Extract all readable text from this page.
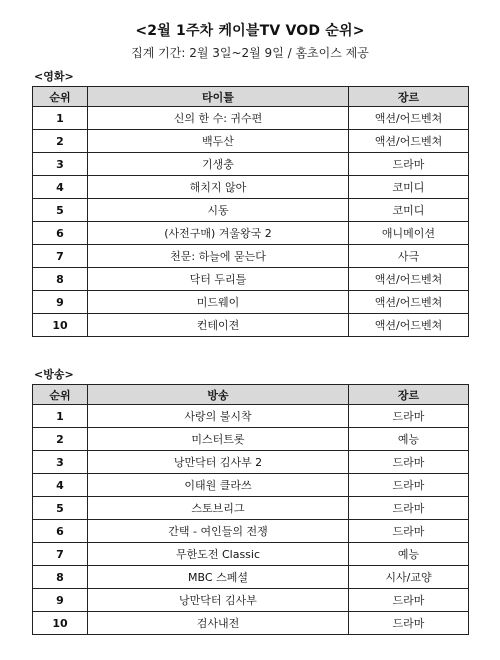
<2월 1주차 케이블TV VOD 순위>
집계 기간: 2월 3일~2월 9일 / 홈초이스 제공
<영화>
순위	타이틀	장르
1	신의 한 수: 귀수편	액션/어드벤쳐
2	백두산	액션/어드벤쳐
3	기생충	드라마
4	해치지 않아	코미디
5	시동	코미디
6	(사전구매) 겨울왕국 2	애니메이션
7	천문: 하늘에 묻는다	사극
8	닥터 두리틀	액션/어드벤쳐
9	미드웨이	액션/어드벤쳐
10	컨테이젼	액션/어드벤쳐
<방송>
순위	방송	장르
1	사랑의 불시착	드라마
2	미스터트롯	예능
3	낭만닥터 김사부 2	드라마
4	이태원 클라쓰	드라마
5	스토브리그	드라마
6	간택 - 여인들의 전쟁	드라마
7	무한도전 Classic	예능
8	MBC 스페셜	시사/교양
9	낭만닥터 김사부	드라마
10	검사내전	드라마
